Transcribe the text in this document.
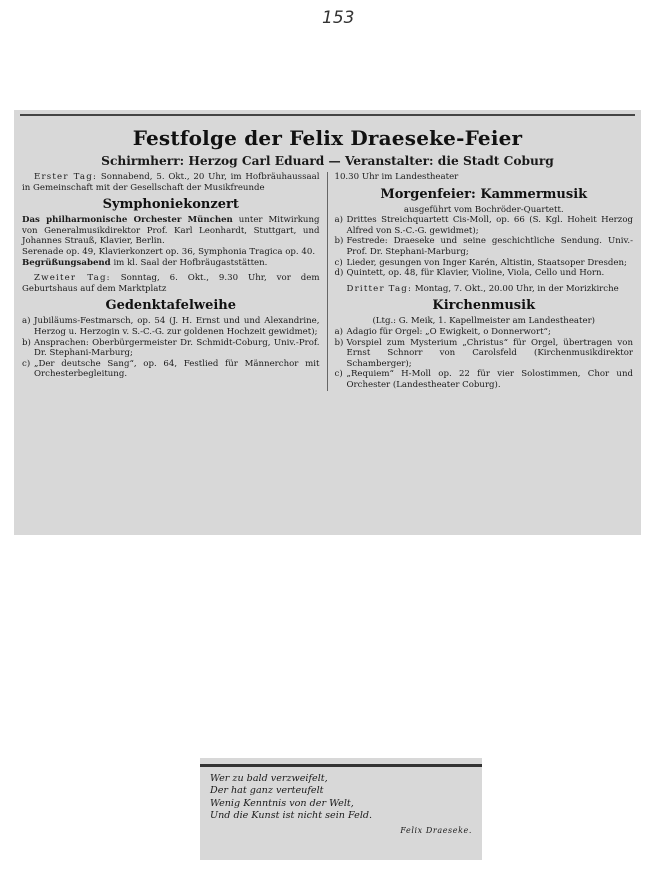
153
Festfolge der Felix Draeseke-Feier
Schirmherr: Herzog Carl Eduard — Veranstalter: die Stadt Coburg

Erster Tag: Sonnabend, 5. Okt., 20 Uhr, im Hofbräuhaussaal in Gemeinschaft mit der Gesellschaft der Musikfreunde

Symphoniekonzert

Das philharmonische Orchester München unter Mitwirkung von Generalmusikdirektor Prof. Karl Leonhardt, Stuttgart, und Johannes Strauß, Klavier, Berlin.

Serenade op. 49, Klavierkonzert op. 36, Symphonia Tragica op. 40.

Begrüßungsabend im kl. Saal der Hofbräugaststätten.

Zweiter Tag: Sonntag, 6. Okt., 9.30 Uhr, vor dem Geburtshaus auf dem Marktplatz

Gedenktafelweihe
a) Jubiläums-Festmarsch, op. 54 (J. H. Ernst und und Alexandrine, Herzog u. Herzogin v. S.-C.-G. zur goldenen Hochzeit gewidmet);
b) Ansprachen: Oberbürgermeister Dr. Schmidt-Coburg, Univ.-Prof. Dr. Stephani-Marburg;
c) „Der deutsche Sang“, op. 64, Festlied für Männerchor mit Orchesterbegleitung.

10.30 Uhr im Landestheater

Morgenfeier: Kammermusik

ausgeführt vom Bochröder-Quartett.

a) Drittes Streichquartett Cis-Moll, op. 66 (S. Kgl. Hoheit Herzog Alfred von S.-C.-G. gewidmet);
b) Festrede: Draeseke und seine geschichtliche Sendung. Univ.-Prof. Dr. Stephani-Marburg;
c) Lieder, gesungen von Inger Karén, Altistin, Staatsoper Dresden;
d) Quintett, op. 48, für Klavier, Violine, Viola, Cello und Horn.

Dritter Tag: Montag, 7. Okt., 20.00 Uhr, in der Morizkirche

Kirchenmusik

(Ltg.: G. Meik, 1. Kapellmeister am Landestheater)

a) Adagio für Orgel: „O Ewigkeit, o Donnerwort“;
b) Vorspiel zum Mysterium „Christus“ für Orgel, übertragen von Ernst Schnorr von Carolsfeld (Kirchenmusikdirektor Schamberger);
c) „Requiem“ H-Moll op. 22 für vier Solostimmen, Chor und Orchester (Landestheater Coburg).

Wer zu bald verzweifelt,

Der hat ganz verteufelt

Wenig Kenntnis von der Welt,

Und die Kunst ist nicht sein Feld.

Felix Draeseke.
